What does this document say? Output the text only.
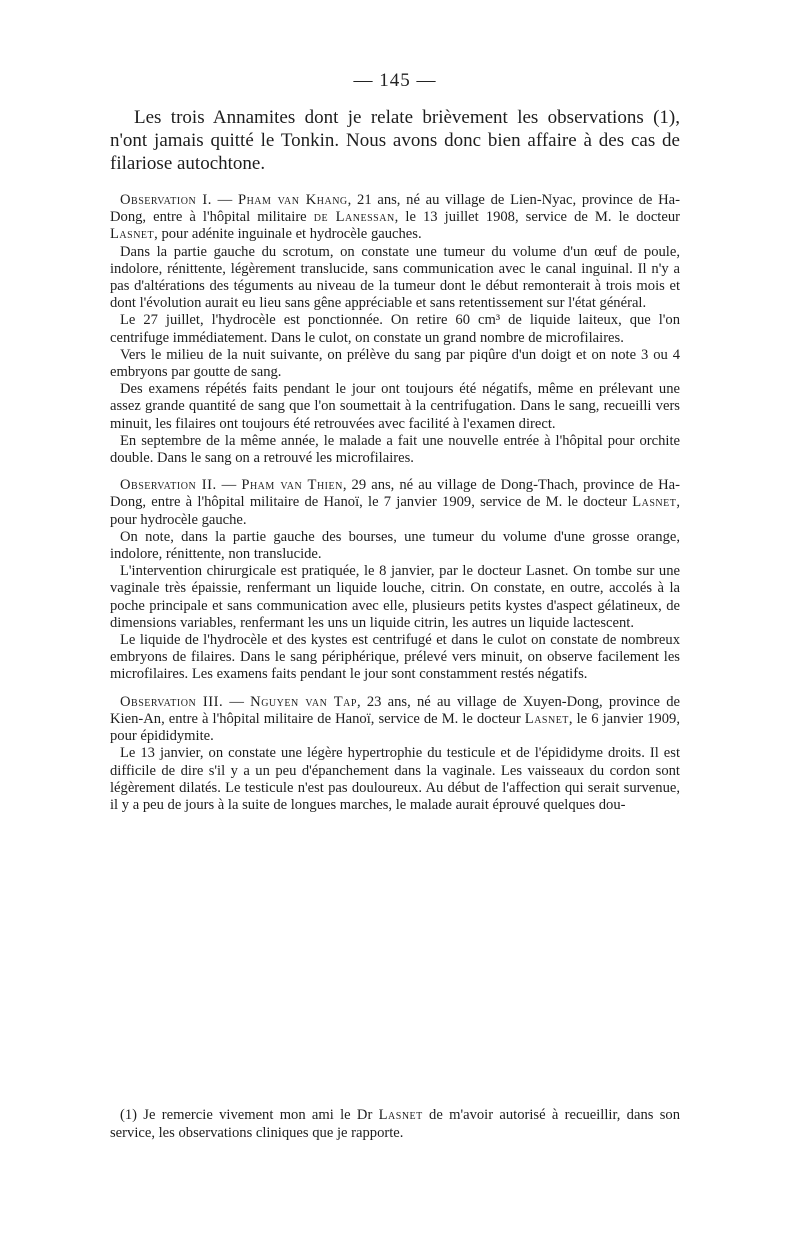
— 145 —

Les trois Annamites dont je relate brièvement les observations (1), n'ont jamais quitté le Tonkin. Nous avons donc bien affaire à des cas de filariose autochtone.

Observation I. — Pham van Khang, 21 ans, né au village de Lien-Nyac, province de Ha-Dong, entre à l'hôpital militaire de Lanessan, le 13 juillet 1908, service de M. le docteur Lasnet, pour adénite inguinale et hydrocèle gauches.

Dans la partie gauche du scrotum, on constate une tumeur du volume d'un œuf de poule, indolore, rénittente, légèrement translucide, sans communication avec le canal inguinal. Il n'y a pas d'altérations des téguments au niveau de la tumeur dont le début remonterait à trois mois et dont l'évolution aurait eu lieu sans gêne appréciable et sans retentissement sur l'état général.

Le 27 juillet, l'hydrocèle est ponctionnée. On retire 60 cm³ de liquide laiteux, que l'on centrifuge immédiatement. Dans le culot, on constate un grand nombre de microfilaires.

Vers le milieu de la nuit suivante, on prélève du sang par piqûre d'un doigt et on note 3 ou 4 embryons par goutte de sang.

Des examens répétés faits pendant le jour ont toujours été négatifs, même en prélevant une assez grande quantité de sang que l'on soumettait à la centrifugation. Dans le sang, recueilli vers minuit, les filaires ont toujours été retrouvées avec facilité à l'examen direct.

En septembre de la même année, le malade a fait une nouvelle entrée à l'hôpital pour orchite double. Dans le sang on a retrouvé les microfilaires.

Observation II. — Pham van Thien, 29 ans, né au village de Dong-Thach, province de Ha-Dong, entre à l'hôpital militaire de Hanoï, le 7 janvier 1909, service de M. le docteur Lasnet, pour hydrocèle gauche.

On note, dans la partie gauche des bourses, une tumeur du volume d'une grosse orange, indolore, rénittente, non translucide.

L'intervention chirurgicale est pratiquée, le 8 janvier, par le docteur Lasnet. On tombe sur une vaginale très épaissie, renfermant un liquide louche, citrin. On constate, en outre, accolés à la poche principale et sans communication avec elle, plusieurs petits kystes d'aspect gélatineux, de dimensions variables, renfermant les uns un liquide citrin, les autres un liquide lactescent.

Le liquide de l'hydrocèle et des kystes est centrifugé et dans le culot on constate de nombreux embryons de filaires. Dans le sang périphérique, prélevé vers minuit, on observe facilement les microfilaires. Les examens faits pendant le jour sont constamment restés négatifs.

Observation III. — Nguyen van Tap, 23 ans, né au village de Xuyen-Dong, province de Kien-An, entre à l'hôpital militaire de Hanoï, service de M. le docteur Lasnet, le 6 janvier 1909, pour épididymite.

Le 13 janvier, on constate une légère hypertrophie du testicule et de l'épididyme droits. Il est difficile de dire s'il y a un peu d'épanchement dans la vaginale. Les vaisseaux du cordon sont légèrement dilatés. Le testicule n'est pas douloureux. Au début de l'affection qui serait survenue, il y a peu de jours à la suite de longues marches, le malade aurait éprouvé quelques dou-

(1) Je remercie vivement mon ami le Dr Lasnet de m'avoir autorisé à recueillir, dans son service, les observations cliniques que je rapporte.
